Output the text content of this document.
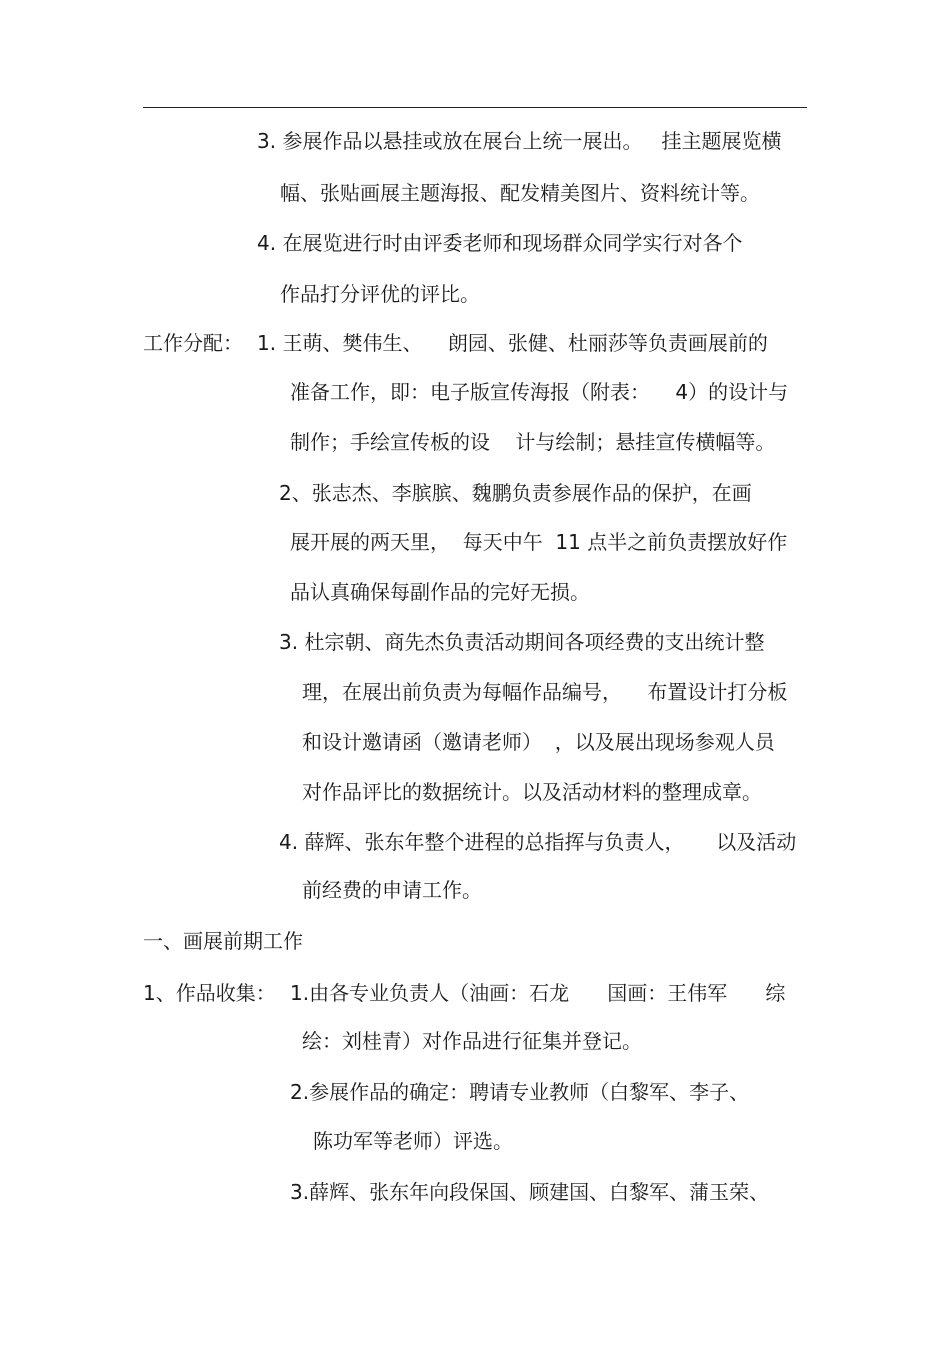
3. 参展作品以悬挂或放在展台上统一展出。   挂主题展览横
幅、张贴画展主题海报、配发精美图片、资料统计等。
4. 在展览进行时由评委老师和现场群众同学实行对各个
作品打分评优的评比。
工作分配： 1. 王萌、樊伟生、    朗园、张健、杜丽莎等负责画展前的
准备工作，即：电子版宣传海报（附表：    4）的设计与
制作；手绘宣传板的设    计与绘制；悬挂宣传横幅等。
2、张志杰、李膑膑、魏鹏负责参展作品的保护，在画
展开展的两天里，  每天中午  11 点半之前负责摆放好作
品认真确保每副作品的完好无损。
3. 杜宗朝、商先杰负责活动期间各项经费的支出统计整
理，在展出前负责为每幅作品编号，    布置设计打分板
和设计邀请函（邀请老师）  ，以及展出现场参观人员
对作品评比的数据统计。以及活动材料的整理成章。
4. 薛辉、张东年整个进程的总指挥与负责人，     以及活动
前经费的申请工作。
一、画展前期工作
1、作品收集： 1.由各专业负责人（油画：石龙      国画：王伟军      综
绘：刘桂青）对作品进行征集并登记。
2.参展作品的确定：聘请专业教师（白黎军、李子、
陈功军等老师）评选。
3.薛辉、张东年向段保国、顾建国、白黎军、蒲玉荣、
